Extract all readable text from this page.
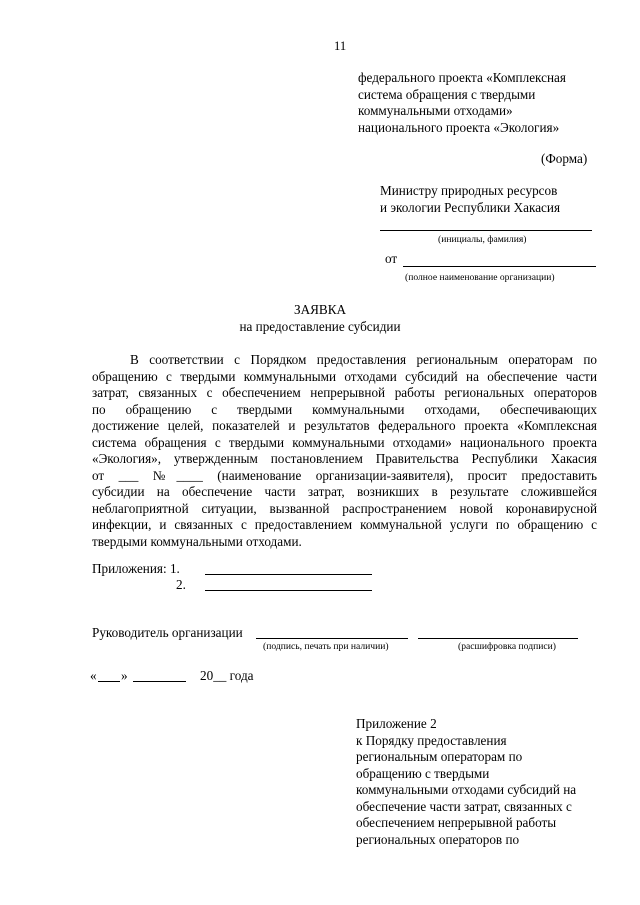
11
федерального проекта «Комплексная
система обращения с твердыми
коммунальными отходами»
национального проекта «Экология»
(Форма)
Министру природных ресурсов
и экологии Республики Хакасия
(инициалы, фамилия)
от
(полное наименование организации)
ЗАЯВКА
на предоставление субсидии
В соответствии с Порядком предоставления региональным операторам по
обращению с твердыми коммунальными отходами субсидий на обеспечение части
затрат, связанных с обеспечением непрерывной работы региональных операторов
по обращению с твердыми коммунальными отходами, обеспечивающих
достижение целей, показателей и результатов федерального проекта «Комплексная
система обращения с твердыми коммунальными отходами» национального проекта
«Экология», утвержденным постановлением Правительства Республики Хакасия
от ___ №____ (наименование организации-заявителя), просит предоставить
субсидии на обеспечение части затрат, возникших в результате сложившейся
неблагоприятной ситуации, вызванной распространением новой коронавирусной
инфекции, и связанных с предоставлением коммунальной услуги по обращению с
твердыми коммунальными отходами.
Приложения: 1.
2.
Руководитель организации
(подпись, печать при наличии)	(расшифровка подписи)
« »	20__ года
Приложение 2
к Порядку предоставления
региональным операторам по
обращению с твердыми
коммунальными отходами субсидий на
обеспечение части затрат, связанных с
обеспечением непрерывной работы
региональных операторов по
